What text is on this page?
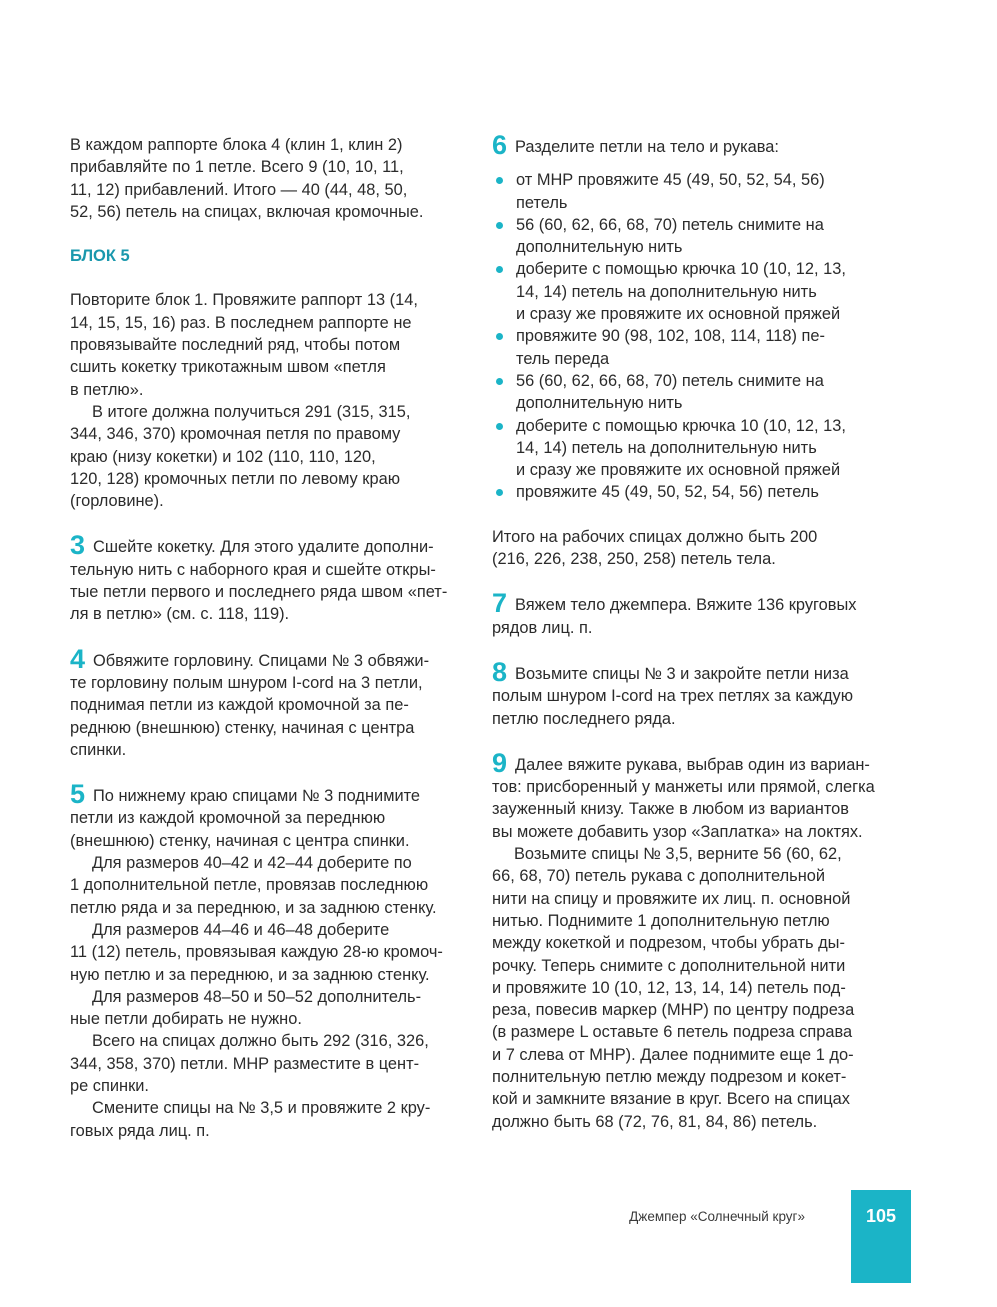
В каждом раппорте блока 4 (клин 1, клин 2)
прибавляйте по 1 петле. Всего 9 (10, 10, 11,
11, 12) прибавлений. Итого — 40 (44, 48, 50,
52, 56) петель на спицах, включая кромочные.
БЛОК 5
Повторите блок 1. Провяжите раппорт 13 (14,
14, 15, 15, 16) раз. В последнем раппорте не
провязывайте последний ряд, чтобы потом
сшить кокетку трикотажным швом «петля
в петлю».
В итоге должна получиться 291 (315, 315,
344, 346, 370) кромочная петля по правому
краю (низу кокетки) и 102 (110, 110, 120,
120, 128) кромочных петли по левому краю
(горловине).
3 Сшейте кокетку. Для этого удалите дополни-
тельную нить с наборного края и сшейте откры-
тые петли первого и последнего ряда швом «пет-
ля в петлю» (см. с. 118, 119).
4 Обвяжите горловину. Спицами № 3 обвяжи-
те горловину полым шнуром I-cord на 3 петли,
поднимая петли из каждой кромочной за пе-
реднюю (внешнюю) стенку, начиная с центра
спинки.
5 По нижнему краю спицами № 3 поднимите
петли из каждой кромочной за переднюю
(внешнюю) стенку, начиная с центра спинки.
Для размеров 40–42 и 42–44 доберите по
1 дополнительной петле, провязав последнюю
петлю ряда и за переднюю, и за заднюю стенку.
Для размеров 44–46 и 46–48 доберите
11 (12) петель, провязывая каждую 28-ю кромоч-
ную петлю и за переднюю, и за заднюю стенку.
Для размеров 48–50 и 50–52 дополнитель-
ные петли добирать не нужно.
Всего на спицах должно быть 292 (316, 326,
344, 358, 370) петли. МНР разместите в цент-
ре спинки.
Смените спицы на № 3,5 и провяжите 2 кру-
говых ряда лиц. п.
6 Разделите петли на тело и рукава:
от МНР провяжите 45 (49, 50, 52, 54, 56)
петель
56 (60, 62, 66, 68, 70) петель снимите на
дополнительную нить
доберите с помощью крючка 10 (10, 12, 13,
14, 14) петель на дополнительную нить
и сразу же провяжите их основной пряжей
провяжите 90 (98, 102, 108, 114, 118) пе-
тель переда
56 (60, 62, 66, 68, 70) петель снимите на
дополнительную нить
доберите с помощью крючка 10 (10, 12, 13,
14, 14) петель на дополнительную нить
и сразу же провяжите их основной пряжей
провяжите 45 (49, 50, 52, 54, 56) петель
Итого на рабочих спицах должно быть 200
(216, 226, 238, 250, 258) петель тела.
7 Вяжем тело джемпера. Вяжите 136 круговых
рядов лиц. п.
8 Возьмите спицы № 3 и закройте петли низа
полым шнуром I-cord на трех петлях за каждую
петлю последнего ряда.
9 Далее вяжите рукава, выбрав один из вариан-
тов: присборенный у манжеты или прямой, слегка
зауженный книзу. Также в любом из вариантов
вы можете добавить узор «Заплатка» на локтях.
Возьмите спицы № 3,5, верните 56 (60, 62,
66, 68, 70) петель рукава с дополнительной
нити на спицу и провяжите их лиц. п. основной
нитью. Поднимите 1 дополнительную петлю
между кокеткой и подрезом, чтобы убрать ды-
рочку. Теперь снимите с дополнительной нити
и провяжите 10 (10, 12, 13, 14, 14) петель под-
реза, повесив маркер (МНР) по центру подреза
(в размере L оставьте 6 петель подреза справа
и 7 слева от МНР). Далее поднимите еще 1 до-
полнительную петлю между подрезом и кокет-
кой и замкните вязание в круг. Всего на спицах
должно быть 68 (72, 76, 81, 84, 86) петель.
Джемпер «Солнечный круг»	105
